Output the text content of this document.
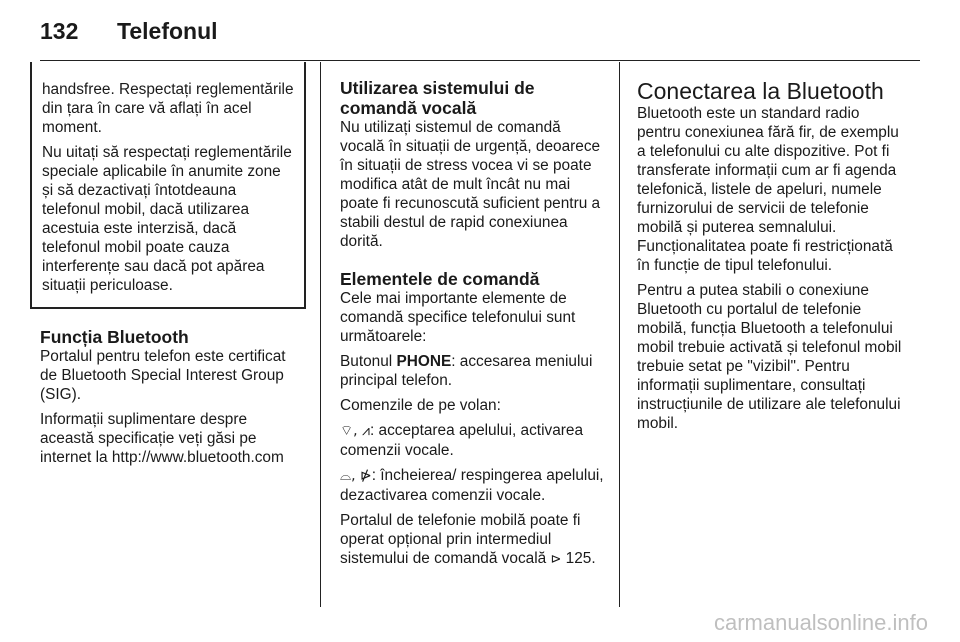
132 Telefonul

handsfree. Respectați reglementările din țara în care vă aflați în acel moment.

Nu uitați să respectați reglementările speciale aplicabile în anumite zone și să dezactivați întotdeauna telefonul mobil, dacă utilizarea acestuia este interzisă, dacă telefonul mobil poate cauza interferențe sau dacă pot apărea situații periculoase.

Funcția Bluetooth

Portalul pentru telefon este certificat de Bluetooth Special Interest Group (SIG).

Informații suplimentare despre această specificație veți găsi pe internet la http://www.bluetooth.com

Utilizarea sistemului de comandă vocală

Nu utilizați sistemul de comandă vocală în situații de urgență, deoarece în situații de stress vocea vi se poate modifica atât de mult încât nu mai poate fi recunoscută suficient pentru a stabili destul de rapid conexiunea dorită.

Elementele de comandă

Cele mai importante elemente de comandă specifice telefonului sunt următoarele:

Butonul PHONE: accesarea meniului principal telefon.

Comenzile de pe volan:

⌔, ⩘: acceptarea apelului, activarea comenzii vocale.

⌓, ⋫: încheierea/ respingerea apelului, dezactivarea comenzii vocale.

Portalul de telefonie mobilă poate fi operat opțional prin intermediul sistemului de comandă vocală ⊳ 125.

Conectarea la Bluetooth

Bluetooth este un standard radio pentru conexiunea fără fir, de exemplu a telefonului cu alte dispozitive. Pot fi transferate informații cum ar fi agenda telefonică, listele de apeluri, numele furnizorului de servicii de telefonie mobilă și puterea semnalului. Funcționalitatea poate fi restricționată în funcție de tipul telefonului.

Pentru a putea stabili o conexiune Bluetooth cu portalul de telefonie mobilă, funcția Bluetooth a telefonului mobil trebuie activată și telefonul mobil trebuie setat pe "vizibil". Pentru informații suplimentare, consultați instrucțiunile de utilizare ale telefonului mobil.

carmanualsonline.info
